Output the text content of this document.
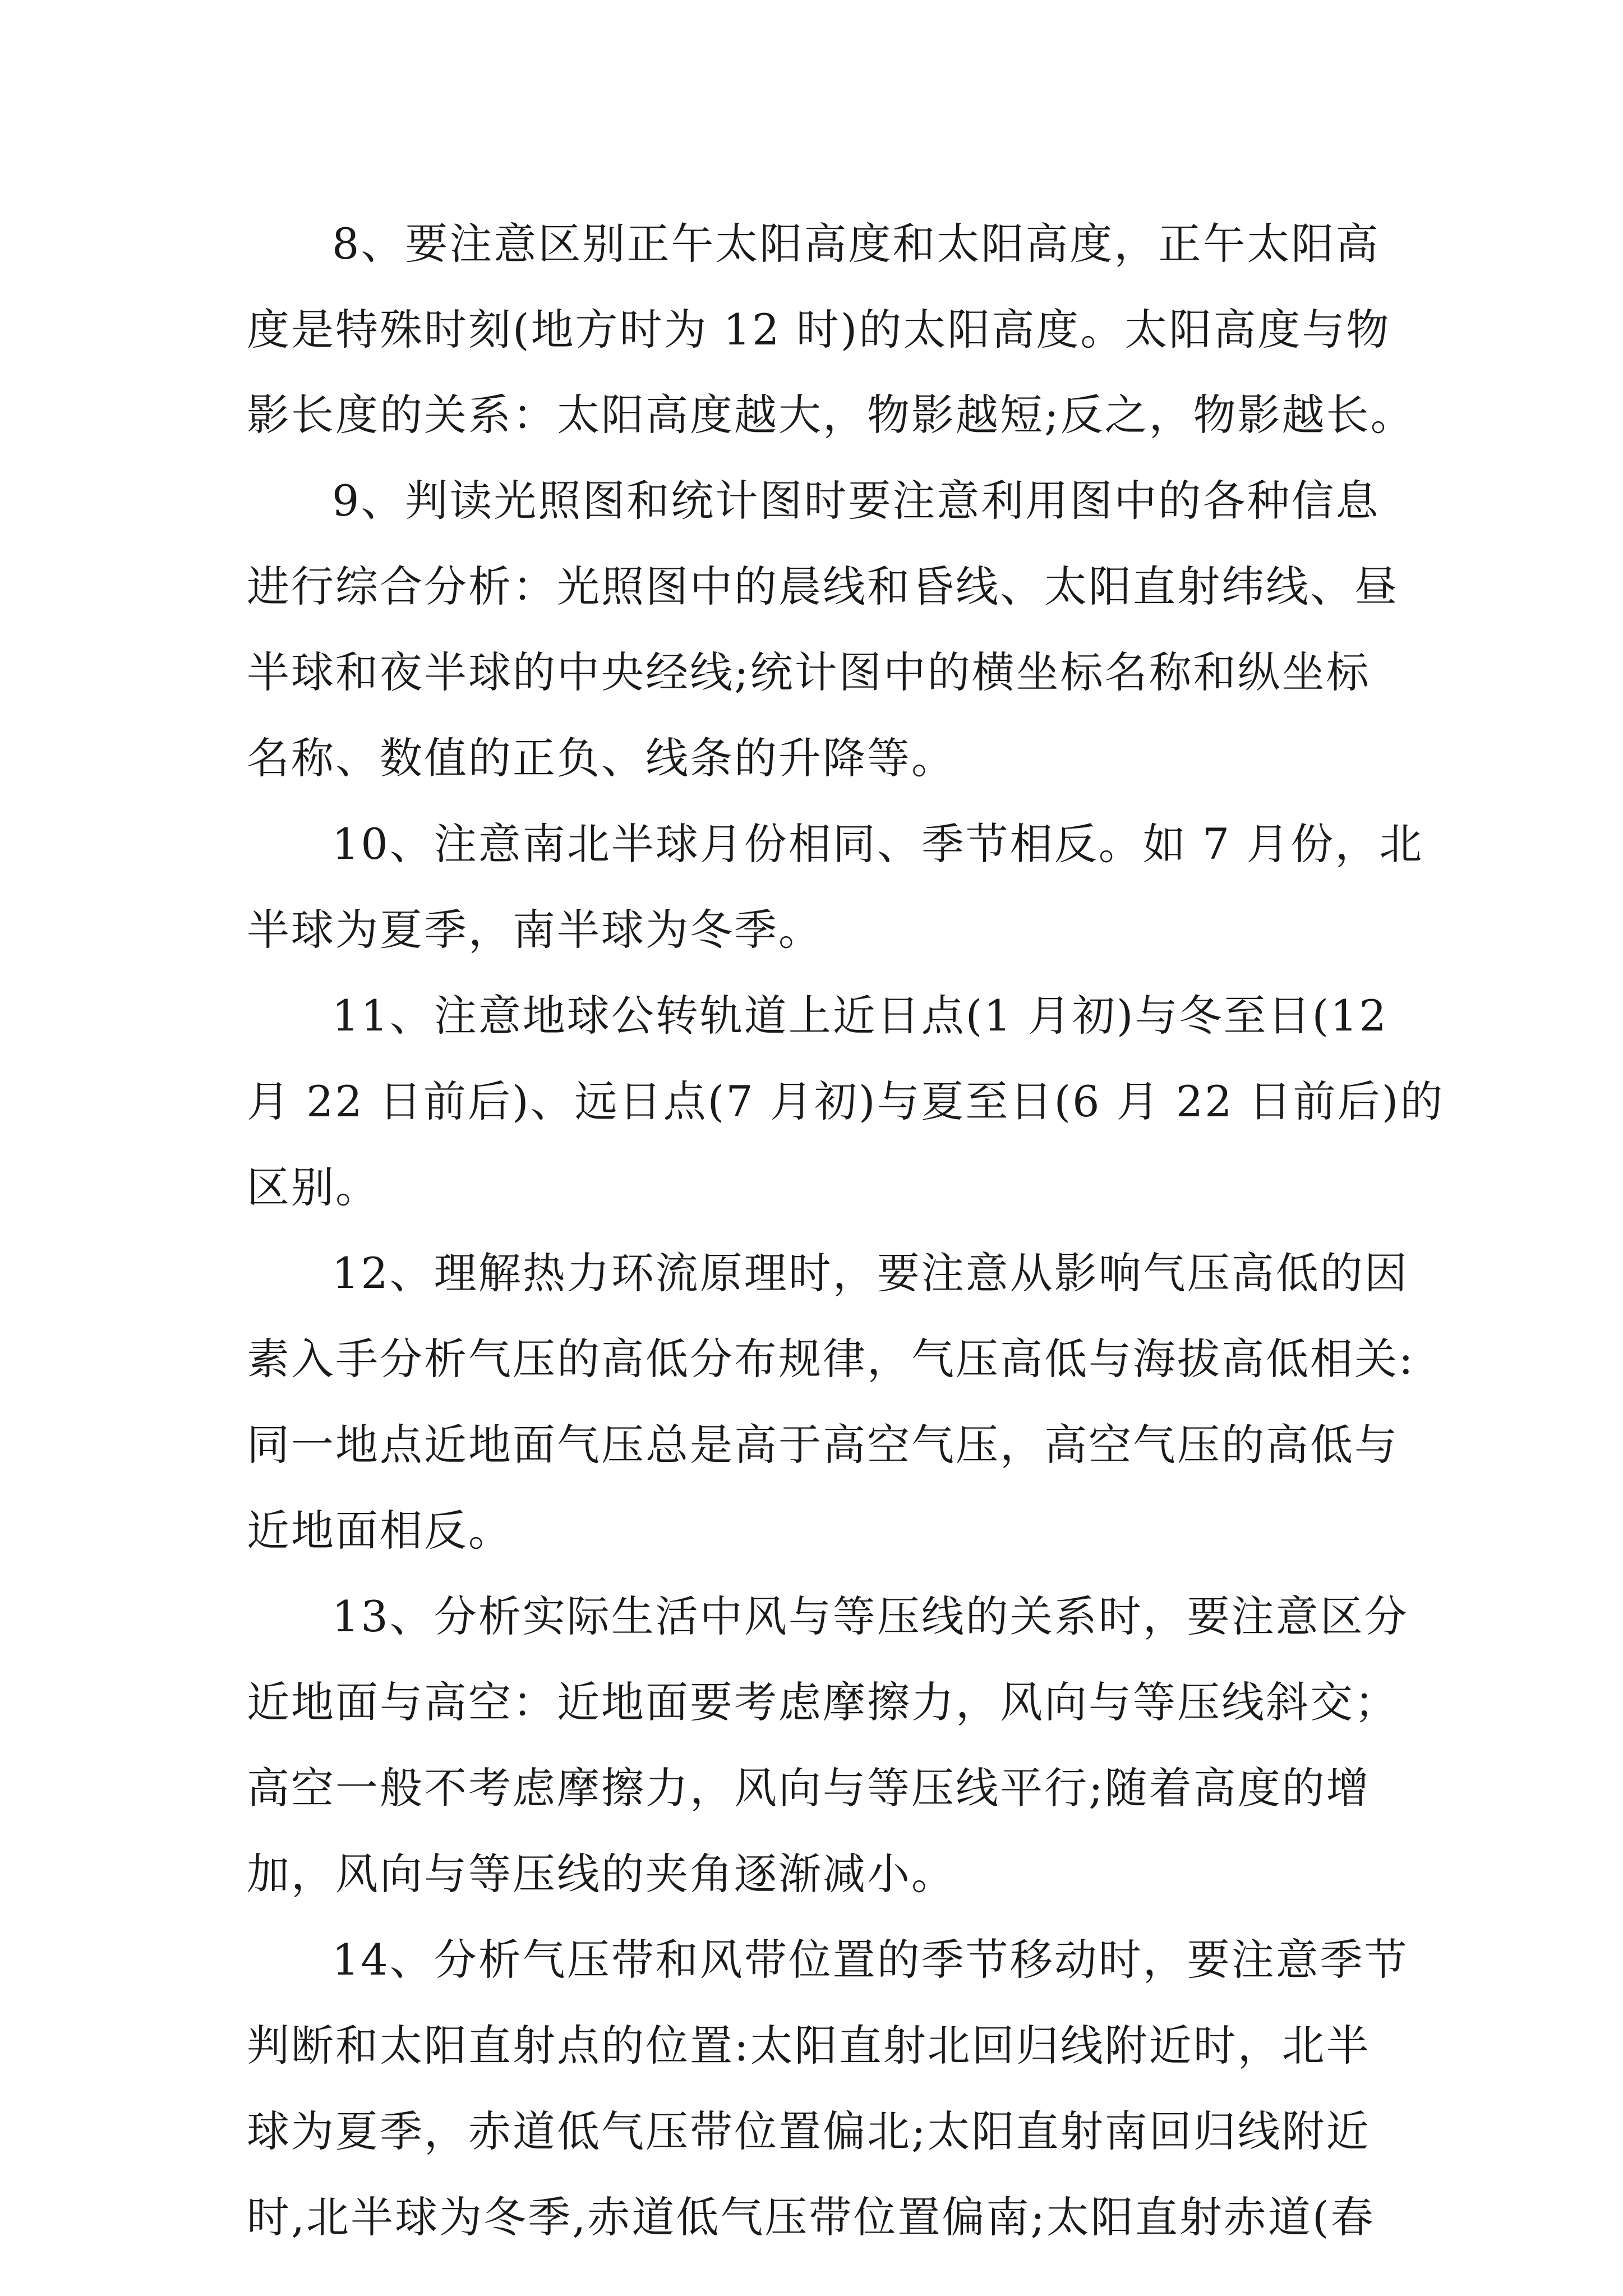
8、要注意区别正午太阳高度和太阳高度，正午太阳高

度是特殊时刻(地方时为 12 时)的太阳高度。太阳高度与物

影长度的关系：太阳高度越大，物影越短;反之，物影越长。

9、判读光照图和统计图时要注意利用图中的各种信息

进行综合分析：光照图中的晨线和昏线、太阳直射纬线、昼

半球和夜半球的中央经线;统计图中的横坐标名称和纵坐标

名称、数值的正负、线条的升降等。

10、注意南北半球月份相同、季节相反。如 7 月份，北

半球为夏季，南半球为冬季。

11、注意地球公转轨道上近日点(1 月初)与冬至日(12

月 22 日前后)、远日点(7 月初)与夏至日(6 月 22 日前后)的

区别。

12、理解热力环流原理时，要注意从影响气压高低的因

素入手分析气压的高低分布规律，气压高低与海拔高低相关:

同一地点近地面气压总是高于高空气压，高空气压的高低与

近地面相反。

13、分析实际生活中风与等压线的关系时，要注意区分

近地面与高空：近地面要考虑摩擦力，风向与等压线斜交；

高空一般不考虑摩擦力，风向与等压线平行;随着高度的增

加，风向与等压线的夹角逐渐减小。

14、分析气压带和风带位置的季节移动时，要注意季节

判断和太阳直射点的位置:太阳直射北回归线附近时，北半

球为夏季，赤道低气压带位置偏北;太阳直射南回归线附近

时,北半球为冬季,赤道低气压带位置偏南;太阳直射赤道(春
